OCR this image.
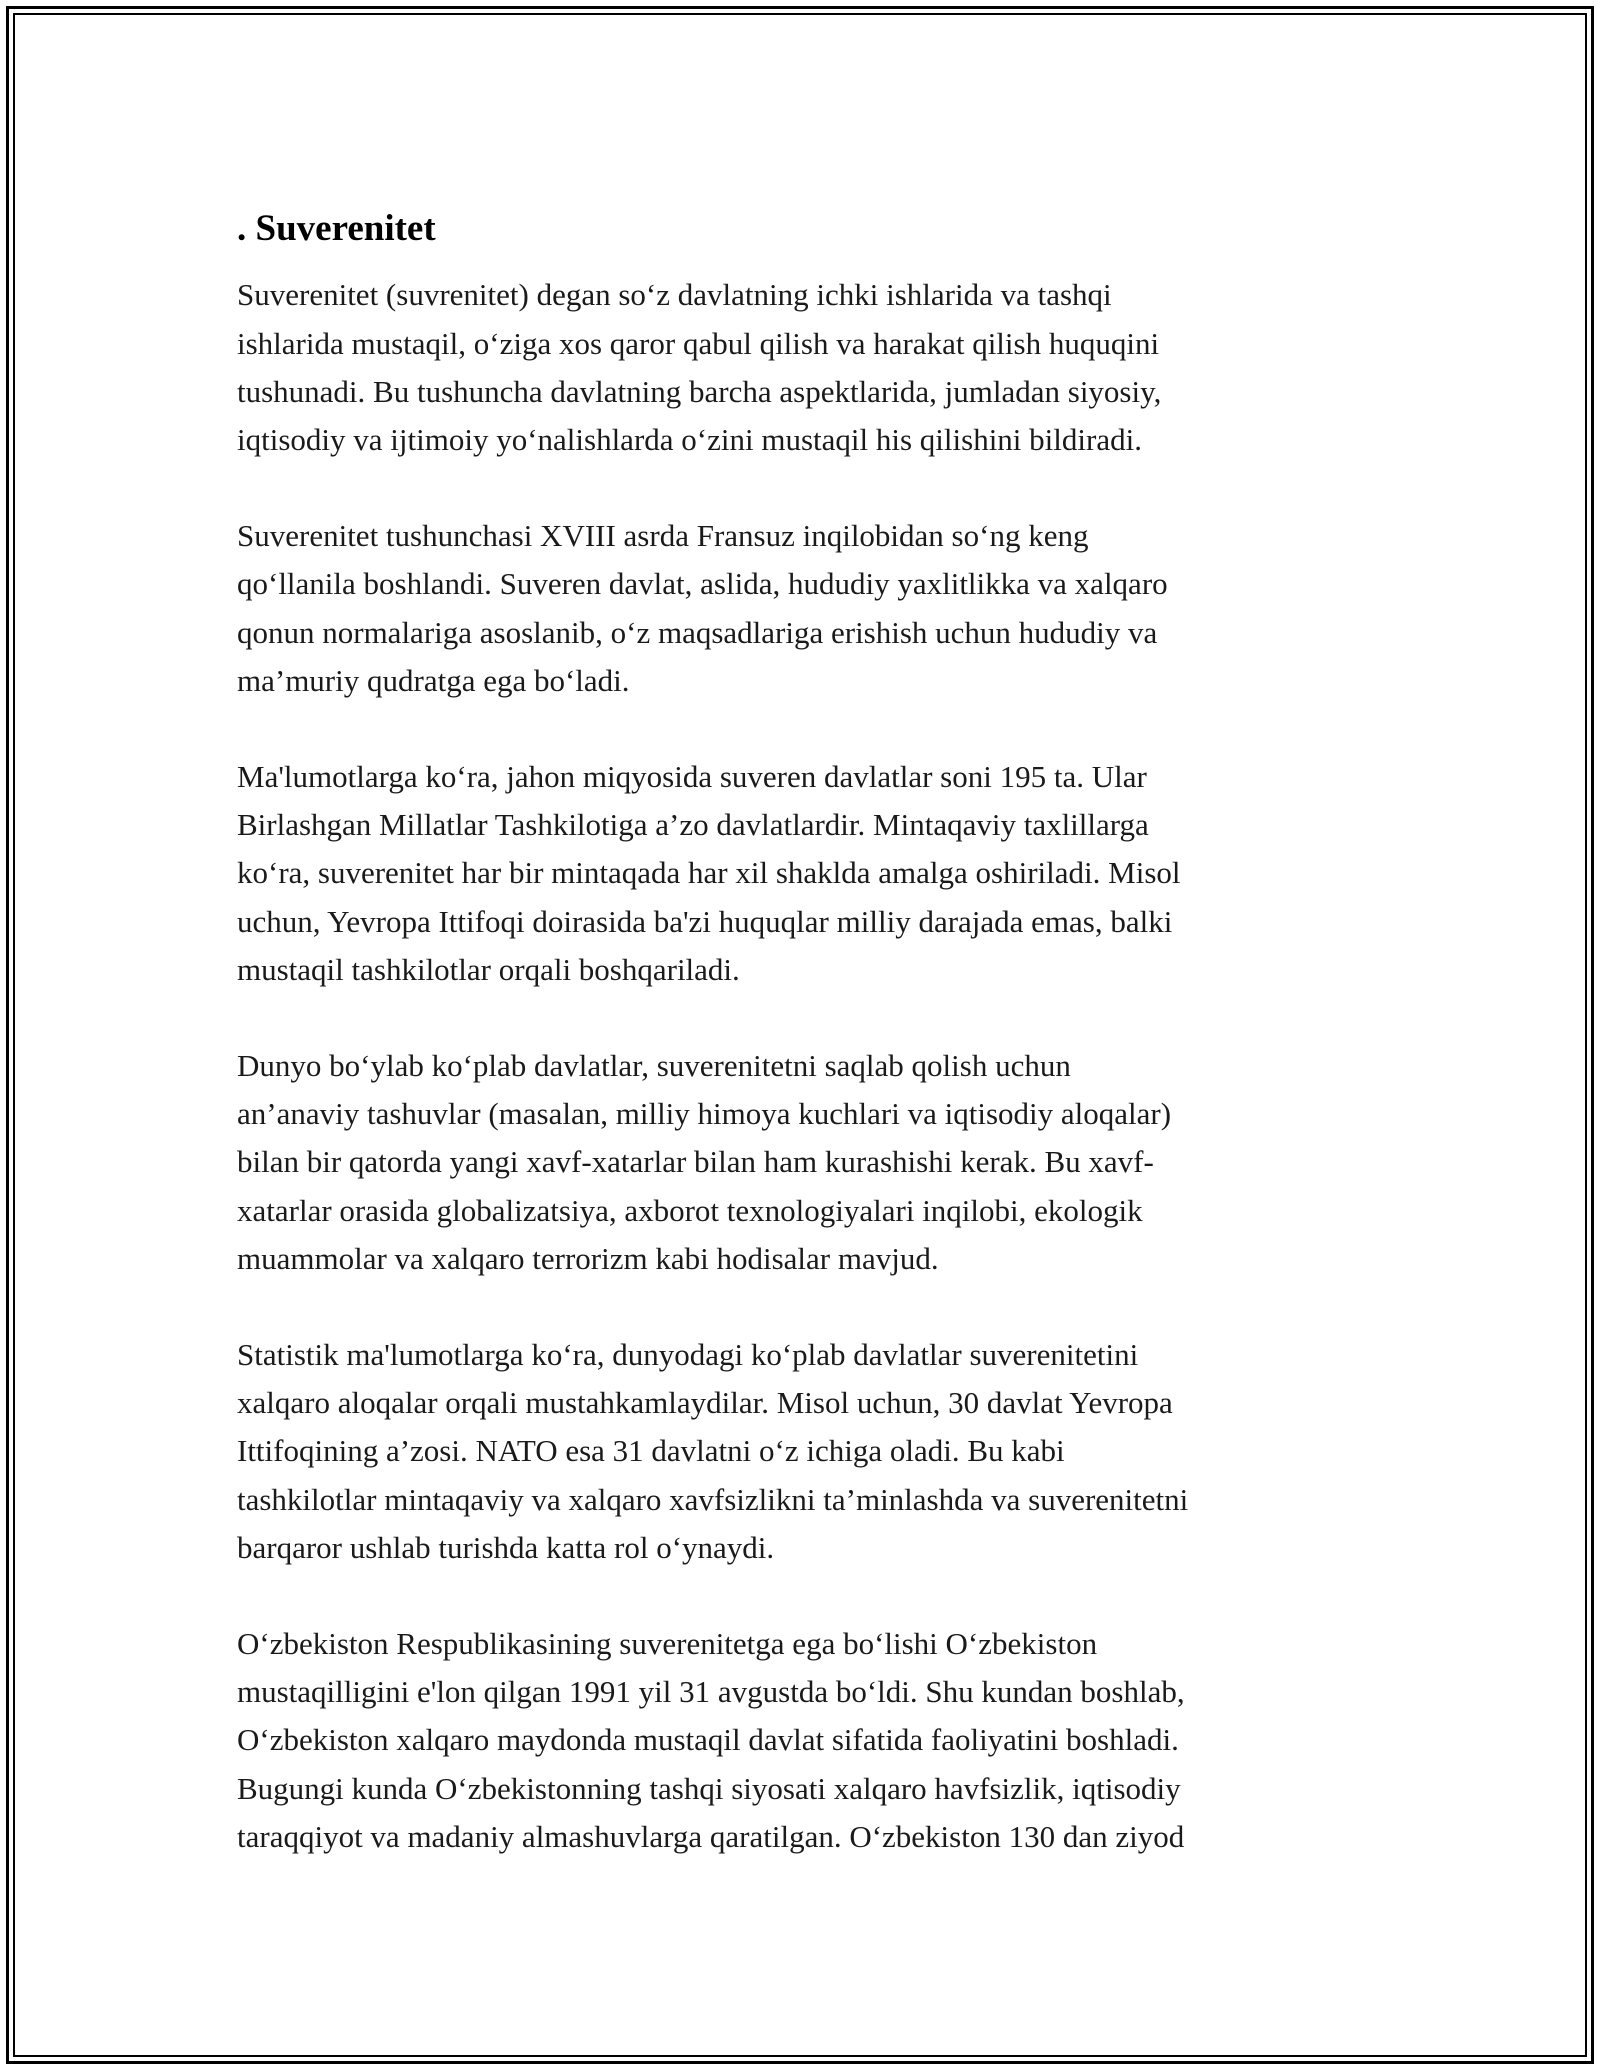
. Suverenitet

Suverenitet (suvrenitet) degan so‘z davlatning ichki ishlarida va tashqi
ishlarida mustaqil, o‘ziga xos qaror qabul qilish va harakat qilish huquqini
tushunadi. Bu tushuncha davlatning barcha aspektlarida, jumladan siyosiy,
iqtisodiy va ijtimoiy yo‘nalishlarda o‘zini mustaqil his qilishini bildiradi.

Suverenitet tushunchasi XVIII asrda Fransuz inqilobidan so‘ng keng
qo‘llanila boshlandi. Suveren davlat, aslida, hududiy yaxlitlikka va xalqaro
qonun normalariga asoslanib, o‘z maqsadlariga erishish uchun hududiy va
ma’muriy qudratga ega bo‘ladi.

Ma'lumotlarga ko‘ra, jahon miqyosida suveren davlatlar soni 195 ta. Ular
Birlashgan Millatlar Tashkilotiga a’zo davlatlardir. Mintaqaviy taxlillarga
ko‘ra, suverenitet har bir mintaqada har xil shaklda amalga oshiriladi. Misol
uchun, Yevropa Ittifoqi doirasida ba'zi huquqlar milliy darajada emas, balki
mustaqil tashkilotlar orqali boshqariladi.

Dunyo bo‘ylab ko‘plab davlatlar, suverenitetni saqlab qolish uchun
an’anaviy tashuvlar (masalan, milliy himoya kuchlari va iqtisodiy aloqalar)
bilan bir qatorda yangi xavf-xatarlar bilan ham kurashishi kerak. Bu xavf-
xatarlar orasida globalizatsiya, axborot texnologiyalari inqilobi, ekologik
muammolar va xalqaro terrorizm kabi hodisalar mavjud.

Statistik ma'lumotlarga ko‘ra, dunyodagi ko‘plab davlatlar suverenitetini
xalqaro aloqalar orqali mustahkamlaydilar. Misol uchun, 30 davlat Yevropa
Ittifoqining a’zosi. NATO esa 31 davlatni o‘z ichiga oladi. Bu kabi
tashkilotlar mintaqaviy va xalqaro xavfsizlikni ta’minlashda va suverenitetni
barqaror ushlab turishda katta rol o‘ynaydi.

O‘zbekiston Respublikasining suverenitetga ega bo‘lishi O‘zbekiston
mustaqilligini e'lon qilgan 1991 yil 31 avgustda bo‘ldi. Shu kundan boshlab,
O‘zbekiston xalqaro maydonda mustaqil davlat sifatida faoliyatini boshladi.
Bugungi kunda O‘zbekistonning tashqi siyosati xalqaro havfsizlik, iqtisodiy
taraqqiyot va madaniy almashuvlarga qaratilgan. O‘zbekiston 130 dan ziyod
